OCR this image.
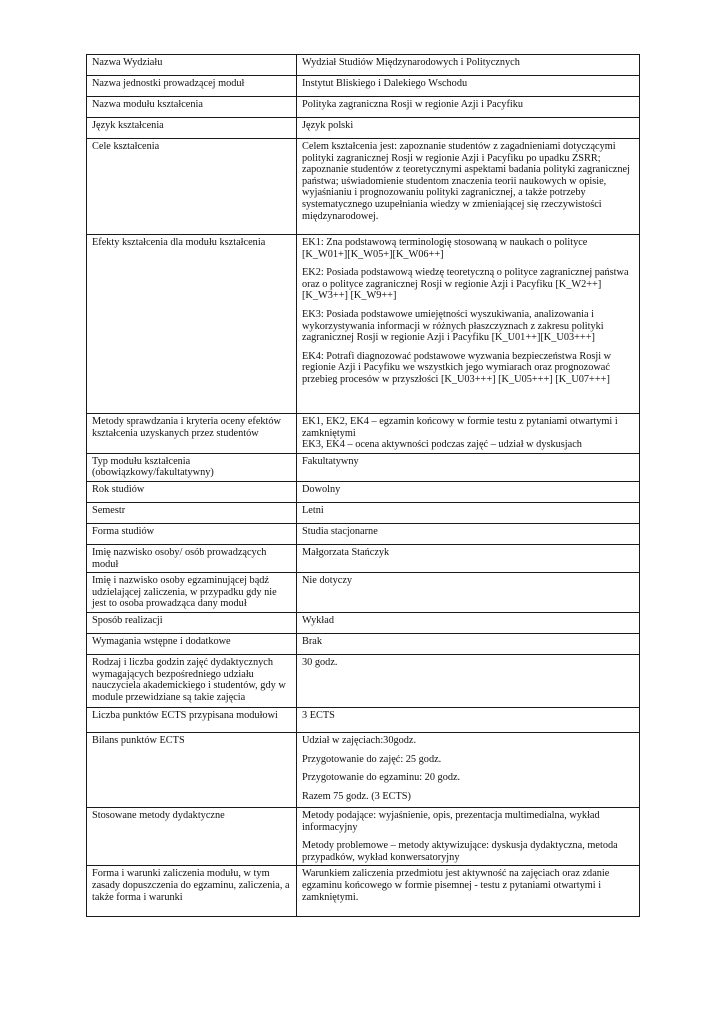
Nazwa Wydziału	Wydział Studiów Międzynarodowych i Politycznych

Nazwa jednostki prowadzącej moduł	Instytut Bliskiego i Dalekiego Wschodu

Nazwa modułu kształcenia	Polityka zagraniczna Rosji w regionie Azji i Pacyfiku

Język kształcenia	Język polski

Cele kształcenia	Celem kształcenia jest: zapoznanie studentów z zagadnieniami dotyczącymi polityki zagranicznej Rosji w regionie Azji i Pacyfiku po upadku ZSRR; zapoznanie studentów z teoretycznymi aspektami badania polityki zagranicznej państwa; uświadomienie studentom znaczenia teorii naukowych w opisie, wyjaśnianiu i prognozowaniu polityki zagranicznej, a także potrzeby systematycznego uzupełniania wiedzy w zmieniającej się rzeczywistości międzynarodowej.

Efekty kształcenia dla modułu kształcenia	EK1: Zna podstawową terminologię stosowaną w naukach o polityce [K_W01+][K_W05+][K_W06++]

EK2: Posiada podstawową wiedzę teoretyczną o polityce zagranicznej państwa oraz o polityce zagranicznej Rosji w regionie Azji i Pacyfiku [K_W2++] [K_W3++] [K_W9++]

EK3: Posiada podstawowe umiejętności wyszukiwania, analizowania i wykorzystywania informacji w różnych płaszczyznach z zakresu polityki zagranicznej Rosji w regionie Azji i Pacyfiku [K_U01++][K_U03+++]

EK4: Potrafi diagnozować podstawowe wyzwania bezpieczeństwa Rosji w regionie Azji i Pacyfiku we wszystkich jego wymiarach oraz prognozować przebieg procesów w przyszłości [K_U03+++] [K_U05+++] [K_U07+++]

Metody sprawdzania i kryteria oceny efektów kształcenia uzyskanych przez studentów	EK1, EK2, EK4 – egzamin końcowy w formie testu z pytaniami otwartymi i zamkniętymi

EK3, EK4 – ocena aktywności podczas zajęć – udział w dyskusjach

Typ modułu kształcenia (obowiązkowy/fakultatywny)	Fakultatywny

Rok studiów	Dowolny

Semestr	Letni

Forma studiów	Studia stacjonarne

Imię nazwisko osoby/ osób prowadzących moduł	Małgorzata Stańczyk

Imię i nazwisko osoby egzaminującej bądź udzielającej zaliczenia, w przypadku gdy nie jest to osoba prowadząca dany moduł	Nie dotyczy

Sposób realizacji	Wykład

Wymagania wstępne i dodatkowe	Brak

Rodzaj i liczba godzin zajęć dydaktycznych wymagających bezpośredniego udziału nauczyciela akademickiego i studentów, gdy w module przewidziane są takie zajęcia	30 godz.

Liczba punktów ECTS przypisana modułowi	3 ECTS

Bilans punktów ECTS	Udział w zajęciach:30godz.

Przygotowanie do zajęć: 25 godz.

Przygotowanie do egzaminu: 20 godz.

Razem 75 godz. (3 ECTS)

Stosowane metody dydaktyczne	Metody podające: wyjaśnienie, opis, prezentacja multimedialna, wykład informacyjny

Metody problemowe – metody aktywizujące: dyskusja dydaktyczna, metoda przypadków, wykład konwersatoryjny

Forma i warunki zaliczenia modułu, w tym zasady dopuszczenia do egzaminu, zaliczenia, a także forma i warunki	Warunkiem zaliczenia przedmiotu jest aktywność na zajęciach oraz zdanie egzaminu końcowego w formie pisemnej - testu z pytaniami otwartymi i zamkniętymi.
